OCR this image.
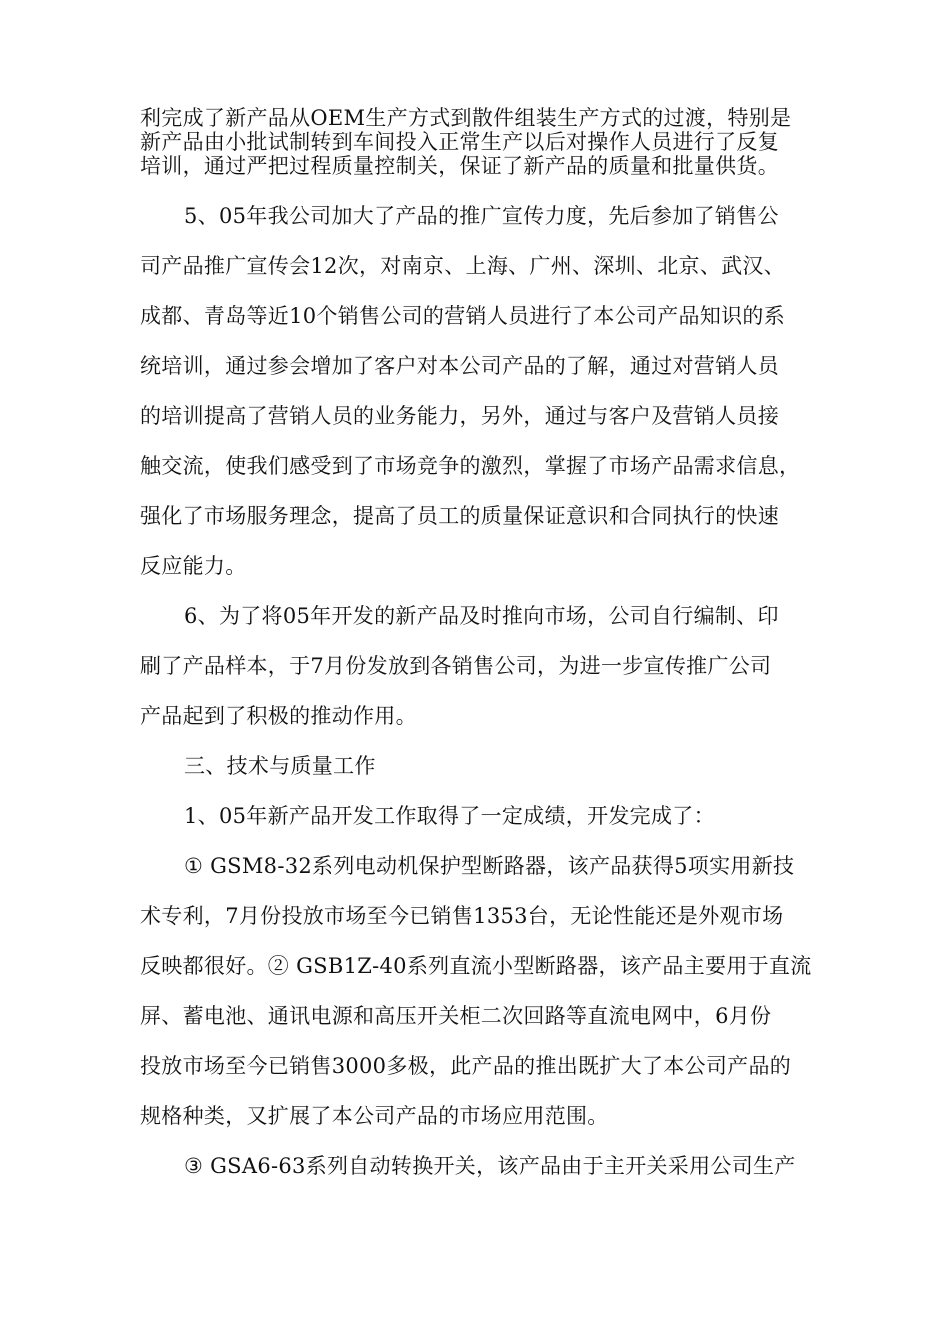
利完成了新产品从OEM生产方式到散件组装生产方式的过渡，特别是
新产品由小批试制转到车间投入正常生产以后对操作人员进行了反复
培训，通过严把过程质量控制关，保证了新产品的质量和批量供货。
5、05年我公司加大了产品的推广宣传力度，先后参加了销售公
司产品推广宣传会12次，对南京、上海、广州、深圳、北京、武汉、
成都、青岛等近10个销售公司的营销人员进行了本公司产品知识的系
统培训，通过参会增加了客户对本公司产品的了解，通过对营销人员
的培训提高了营销人员的业务能力，另外，通过与客户及营销人员接
触交流，使我们感受到了市场竞争的激烈，掌握了市场产品需求信息，
强化了市场服务理念，提高了员工的质量保证意识和合同执行的快速
反应能力。
6、为了将05年开发的新产品及时推向市场，公司自行编制、印
刷了产品样本，于7月份发放到各销售公司，为进一步宣传推广公司
产品起到了积极的推动作用。
三、技术与质量工作
1、05年新产品开发工作取得了一定成绩，开发完成了：
① GSM8-32系列电动机保护型断路器，该产品获得5项实用新技
术专利，7月份投放市场至今已销售1353台，无论性能还是外观市场
反映都很好。② GSB1Z-40系列直流小型断路器，该产品主要用于直流
屏、蓄电池、通讯电源和高压开关柜二次回路等直流电网中，6月份
投放市场至今已销售3000多极，此产品的推出既扩大了本公司产品的
规格种类，又扩展了本公司产品的市场应用范围。
③ GSA6-63系列自动转换开关，该产品由于主开关采用公司生产
